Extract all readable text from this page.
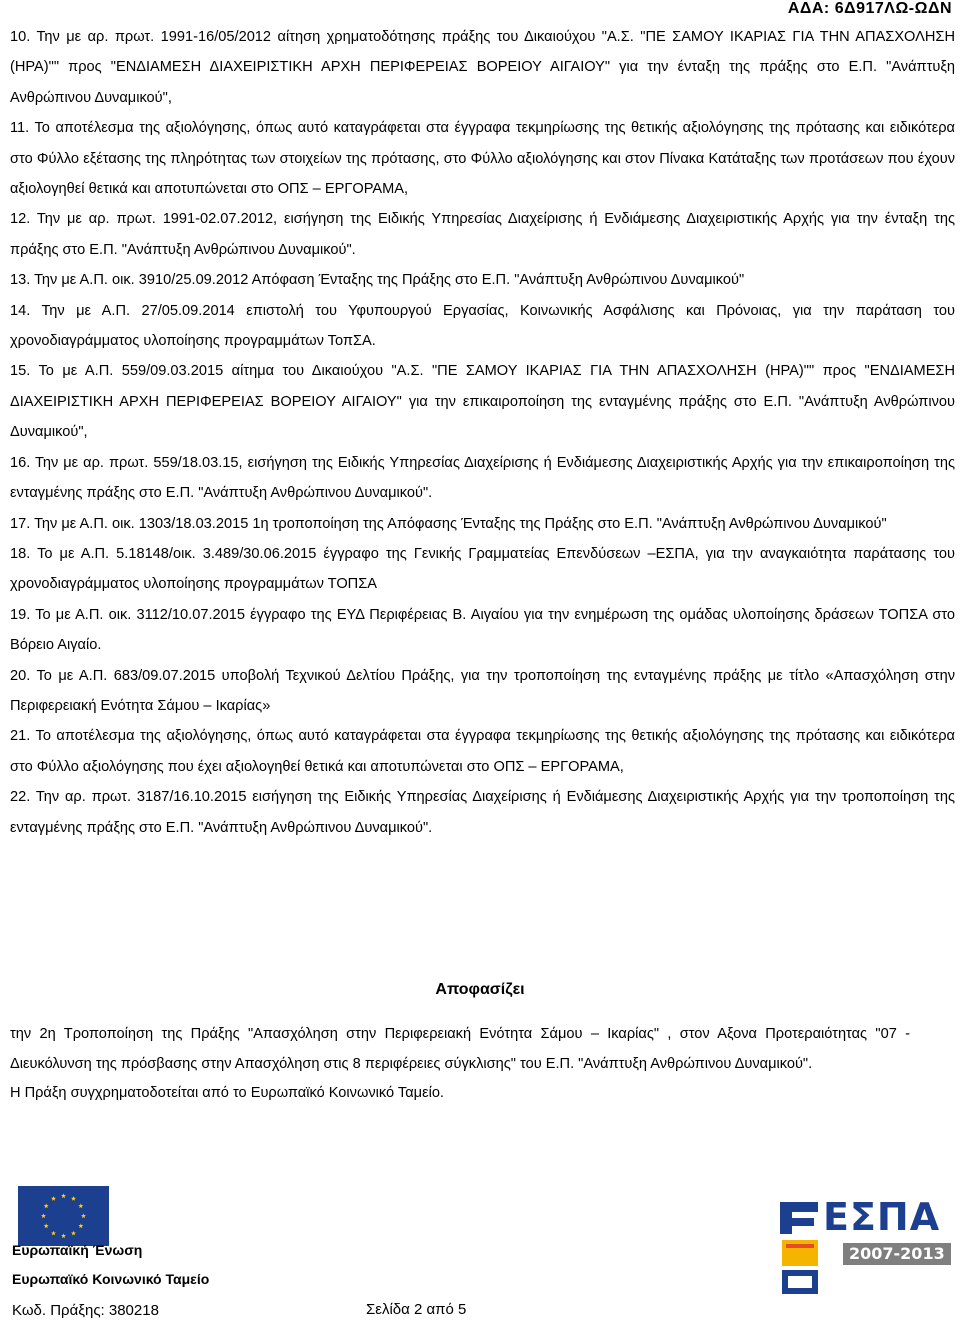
ΑΔΑ: 6Δ917ΛΩ-ΩΔΝ

10. Την με αρ. πρωτ. 1991-16/05/2012 αίτηση χρηματοδότησης πράξης του Δικαιούχου "Α.Σ. "ΠΕ ΣΑΜΟΥ ΙΚΑΡΙΑΣ ΓΙΑ ΤΗΝ ΑΠΑΣΧΟΛΗΣΗ (ΗΡΑ)"" προς "ΕΝΔΙΑΜΕΣΗ ΔΙΑΧΕΙΡΙΣΤΙΚΗ ΑΡΧΗ ΠΕΡΙΦΕΡΕΙΑΣ ΒΟΡΕΙΟΥ ΑΙΓΑΙΟΥ" για την ένταξη της πράξης στο Ε.Π. "Ανάπτυξη Ανθρώπινου Δυναμικού",

11. Το αποτέλεσμα της αξιολόγησης, όπως αυτό καταγράφεται στα έγγραφα τεκμηρίωσης της θετικής αξιολόγησης της πρότασης και ειδικότερα στο Φύλλο εξέτασης της πληρότητας των στοιχείων της πρότασης, στο Φύλλο αξιολόγησης και στον Πίνακα Κατάταξης των προτάσεων που έχουν αξιολογηθεί θετικά και αποτυπώνεται στο ΟΠΣ – ΕΡΓΟΡΑΜΑ,

12. Την με αρ. πρωτ. 1991-02.07.2012, εισήγηση της Ειδικής Υπηρεσίας Διαχείρισης ή Ενδιάμεσης Διαχειριστικής Αρχής για την ένταξη της πράξης στο Ε.Π. "Ανάπτυξη Ανθρώπινου Δυναμικού".

13. Την με Α.Π. οικ. 3910/25.09.2012 Απόφαση Ένταξης της Πράξης στο Ε.Π. "Ανάπτυξη Ανθρώπινου Δυναμικού"

14. Την με Α.Π. 27/05.09.2014 επιστολή του Υφυπουργού Εργασίας, Κοινωνικής Ασφάλισης και Πρόνοιας, για την παράταση του χρονοδιαγράμματος υλοποίησης προγραμμάτων ΤοπΣΑ.

15. Το με Α.Π. 559/09.03.2015 αίτημα του Δικαιούχου "Α.Σ. "ΠΕ ΣΑΜΟΥ ΙΚΑΡΙΑΣ ΓΙΑ ΤΗΝ ΑΠΑΣΧΟΛΗΣΗ (ΗΡΑ)"" προς "ΕΝΔΙΑΜΕΣΗ ΔΙΑΧΕΙΡΙΣΤΙΚΗ ΑΡΧΗ ΠΕΡΙΦΕΡΕΙΑΣ ΒΟΡΕΙΟΥ ΑΙΓΑΙΟΥ" για την επικαιροποίηση της ενταγμένης πράξης στο Ε.Π. "Ανάπτυξη Ανθρώπινου Δυναμικού",

16. Την με αρ. πρωτ. 559/18.03.15, εισήγηση της Ειδικής Υπηρεσίας Διαχείρισης ή Ενδιάμεσης Διαχειριστικής Αρχής για την επικαιροποίηση της ενταγμένης πράξης στο Ε.Π. "Ανάπτυξη Ανθρώπινου Δυναμικού".

17. Την με Α.Π. οικ. 1303/18.03.2015 1η τροποποίηση της Απόφασης Ένταξης της Πράξης στο Ε.Π. "Ανάπτυξη Ανθρώπινου Δυναμικού"

18. Το με Α.Π. 5.18148/οικ. 3.489/30.06.2015 έγγραφο της Γενικής Γραμματείας Επενδύσεων –ΕΣΠΑ, για την αναγκαιότητα παράτασης του χρονοδιαγράμματος υλοποίησης προγραμμάτων ΤΟΠΣΑ

19. Το με Α.Π. οικ. 3112/10.07.2015 έγγραφο της ΕΥΔ Περιφέρειας Β. Αιγαίου για την ενημέρωση της ομάδας υλοποίησης δράσεων ΤΟΠΣΑ στο Βόρειο Αιγαίο.

20. Το με Α.Π. 683/09.07.2015 υποβολή Τεχνικού Δελτίου Πράξης, για την τροποποίηση της ενταγμένης πράξης με τίτλο «Απασχόληση στην Περιφερειακή Ενότητα Σάμου – Ικαρίας»

21. Το αποτέλεσμα της αξιολόγησης, όπως αυτό καταγράφεται στα έγγραφα τεκμηρίωσης της θετικής αξιολόγησης της πρότασης και ειδικότερα στο Φύλλο αξιολόγησης που έχει αξιολογηθεί θετικά και αποτυπώνεται στο ΟΠΣ – ΕΡΓΟΡΑΜΑ,

22. Την αρ. πρωτ. 3187/16.10.2015 εισήγηση της Ειδικής Υπηρεσίας Διαχείρισης ή Ενδιάμεσης Διαχειριστικής Αρχής για την τροποποίηση της ενταγμένης πράξης στο Ε.Π. "Ανάπτυξη Ανθρώπινου Δυναμικού".

Αποφασίζει

την 2η Τροποποίηση της Πράξης "Απασχόληση στην Περιφερειακή Ενότητα Σάμου – Ικαρίας" , στον Αξονα Προτεραιότητας "07 - Διευκόλυνση της πρόσβασης στην Απασχόληση στις 8 περιφέρειες σύγκλισης" του Ε.Π. "Ανάπτυξη Ανθρώπινου Δυναμικού".

Η Πράξη συγχρηματοδοτείται από το Ευρωπαϊκό Κοινωνικό Ταμείο.

Ευρωπαϊκή Ένωση
Ευρωπαϊκό Κοινωνικό Ταμείο
Κωδ. Πράξης: 380218	Σελίδα 2 από 5
ΕΣΠΑ
2007-2013
